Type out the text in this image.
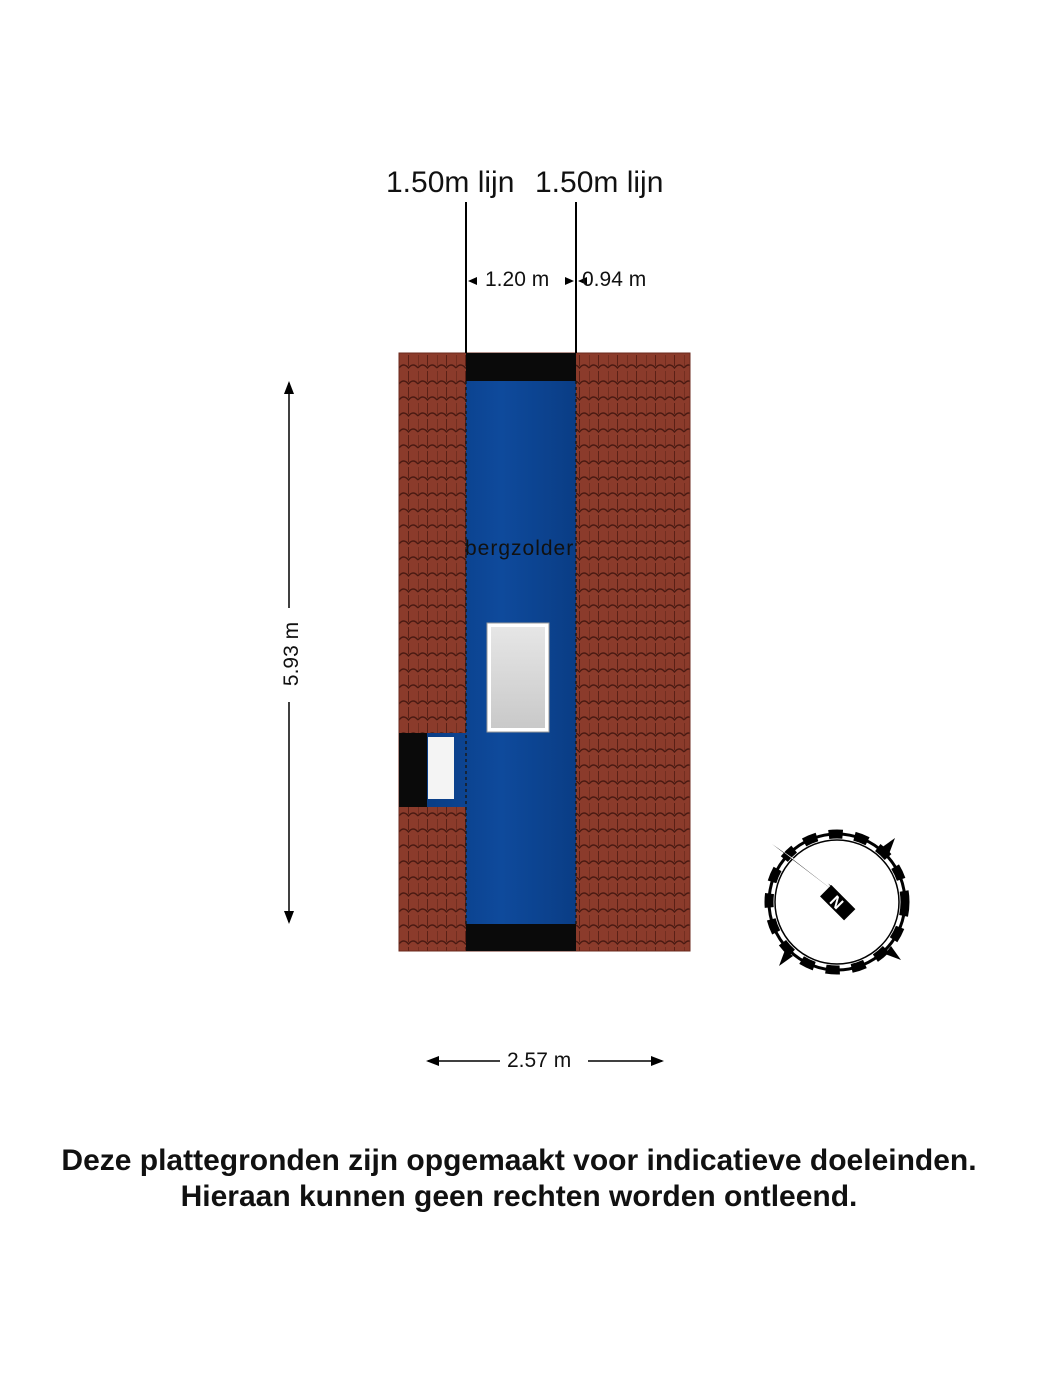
N
1.50m lijn 1.50m lijn
1.20 m 0.94 m
5.93 m
2.57 m
bergzolder
Deze plattegronden zijn opgemaakt voor indicatieve doeleinden.
Hieraan kunnen geen rechten worden ontleend.
